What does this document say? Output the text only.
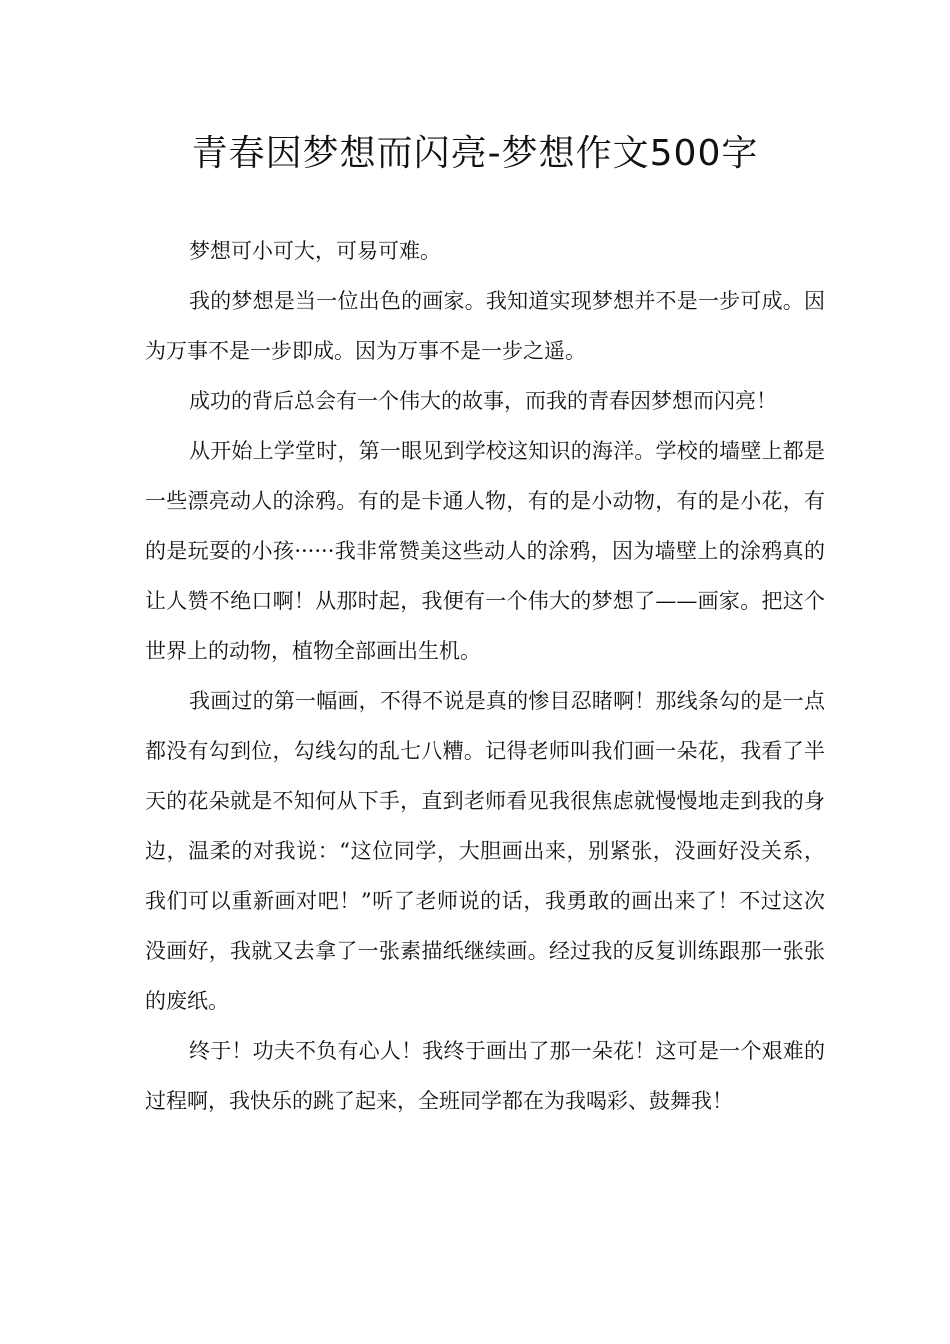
青春因梦想而闪亮-梦想作文500字

梦想可小可大，可易可难。

我的梦想是当一位出色的画家。我知道实现梦想并不是一步可成。因为万事不是一步即成。因为万事不是一步之遥。

成功的背后总会有一个伟大的故事，而我的青春因梦想而闪亮！

从开始上学堂时，第一眼见到学校这知识的海洋。学校的墙壁上都是一些漂亮动人的涂鸦。有的是卡通人物，有的是小动物，有的是小花，有的是玩耍的小孩······我非常赞美这些动人的涂鸦，因为墙壁上的涂鸦真的让人赞不绝口啊！从那时起，我便有一个伟大的梦想了——画家。把这个世界上的动物，植物全部画出生机。

我画过的第一幅画，不得不说是真的惨目忍睹啊！那线条勾的是一点都没有勾到位，勾线勾的乱七八糟。记得老师叫我们画一朵花，我看了半天的花朵就是不知何从下手，直到老师看见我很焦虑就慢慢地走到我的身边，温柔的对我说：“这位同学，大胆画出来，别紧张，没画好没关系，我们可以重新画对吧！”听了老师说的话，我勇敢的画出来了！不过这次没画好，我就又去拿了一张素描纸继续画。经过我的反复训练跟那一张张的废纸。

终于！功夫不负有心人！我终于画出了那一朵花！这可是一个艰难的过程啊，我快乐的跳了起来，全班同学都在为我喝彩、鼓舞我！
